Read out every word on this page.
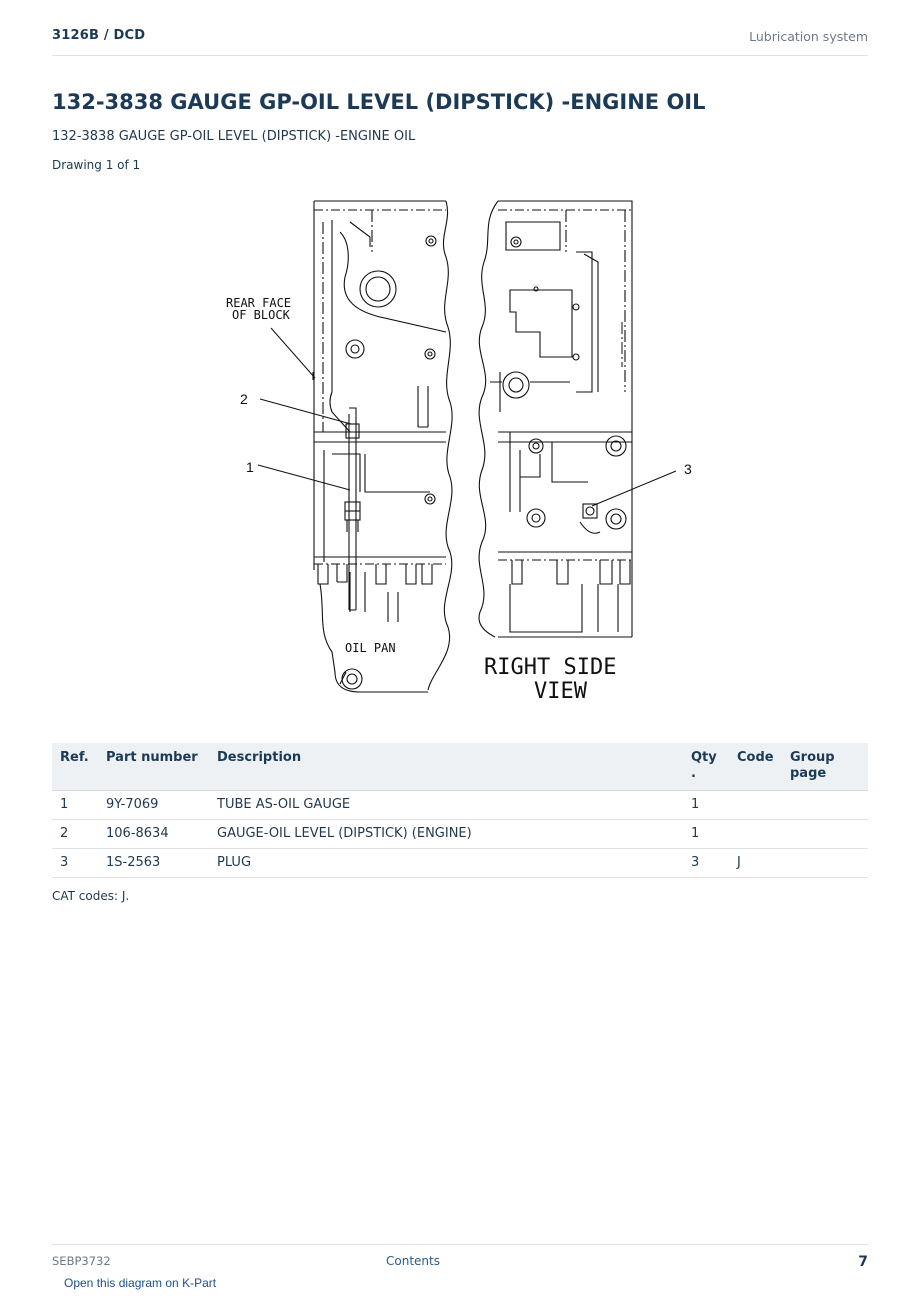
3126B / DCD	Lubrication system
132-3838 GAUGE GP-OIL LEVEL (DIPSTICK) -ENGINE OIL
132-3838 GAUGE GP-OIL LEVEL (DIPSTICK) -ENGINE OIL
Drawing 1 of 1
REAR FACE
OF BLOCK
OIL PAN
RIGHT SIDE
VIEW
2
1	3
Ref.	Part number	Description	Qty .	Code	Group page
1	9Y-7069	TUBE AS-OIL GAUGE	1		
2	106-8634	GAUGE-OIL LEVEL (DIPSTICK) (ENGINE)	1		
3	1S-2563	PLUG	3	J	
CAT codes: J.
SEBP3732	Contents	7
Open this diagram on K-Part
